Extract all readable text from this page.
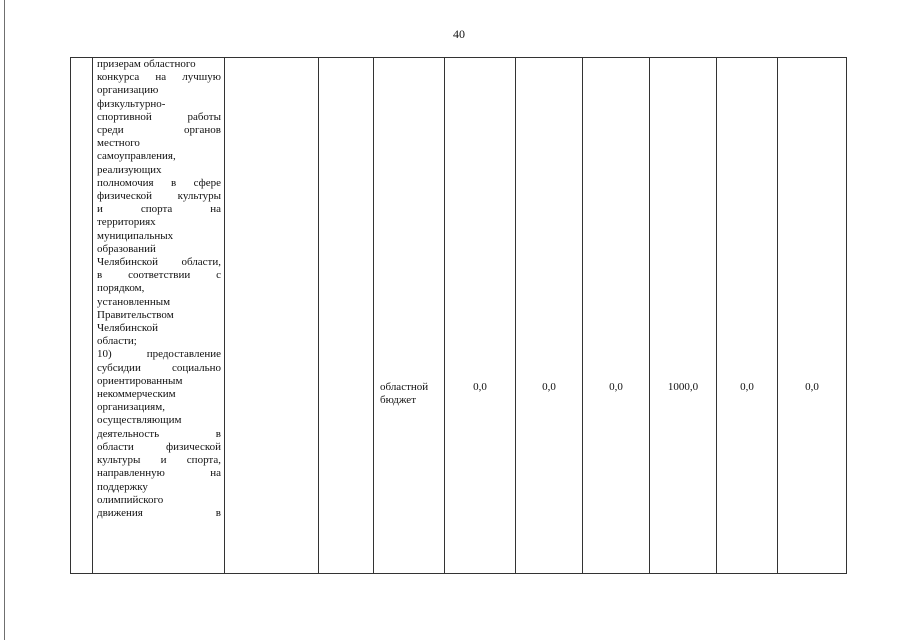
40

призерам областного
конкурса на лучшую
организацию
физкультурно-
спортивной работы
среди органов
местного
самоуправления,
реализующих
полномочия в сфере
физической культуры
и спорта на
территориях
муниципальных
образований
Челябинской области,
в соответствии с
порядком,
установленным
Правительством
Челябинской
области;
10) предоставление
субсидии социально
ориентированным
некоммерческим
организациям,
осуществляющим
деятельность в
области физической
культуры и спорта,
направленную на
поддержку
олимпийского
движения в

областной бюджет

0,0	0,0	0,0	1000,0	0,0	0,0
